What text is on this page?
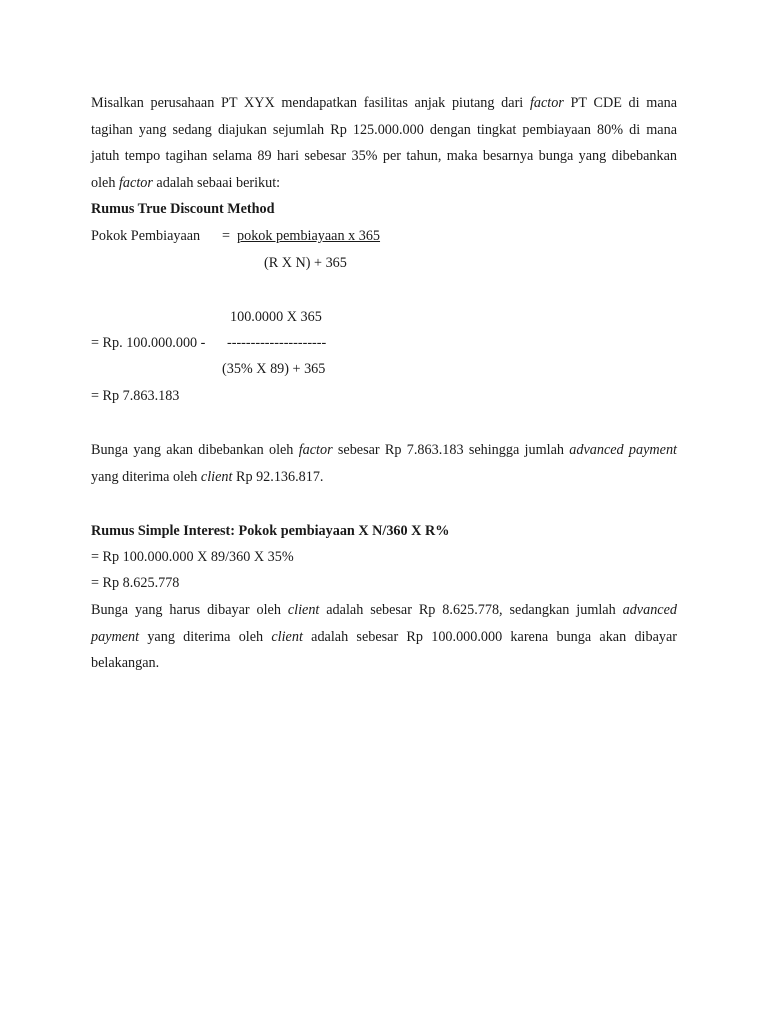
Misalkan perusahaan PT XYX mendapatkan fasilitas anjak piutang dari factor PT CDE di mana tagihan yang sedang diajukan sejumlah Rp 125.000.000 dengan tingkat pembiayaan 80% di mana jatuh tempo tagihan selama 89 hari sebesar 35% per tahun, maka besarnya bunga yang dibebankan oleh factor adalah sebaai berikut:

Rumus True Discount Method
Pokok Pembiayaan = pokok pembiayaan x 365
(R X N) + 365
100.0000 X 365
= Rp. 100.000.000 - ---------------------
(35% X 89) + 365
= Rp 7.863.183

Bunga yang akan dibebankan oleh factor sebesar Rp 7.863.183 sehingga jumlah advanced payment yang diterima oleh client Rp 92.136.817.

Rumus Simple Interest: Pokok pembiayaan X N/360 X R%
= Rp 100.000.000 X 89/360 X 35%
= Rp 8.625.778

Bunga yang harus dibayar oleh client adalah sebesar Rp 8.625.778, sedangkan jumlah advanced payment yang diterima oleh client adalah sebesar Rp 100.000.000 karena bunga akan dibayar belakangan.
